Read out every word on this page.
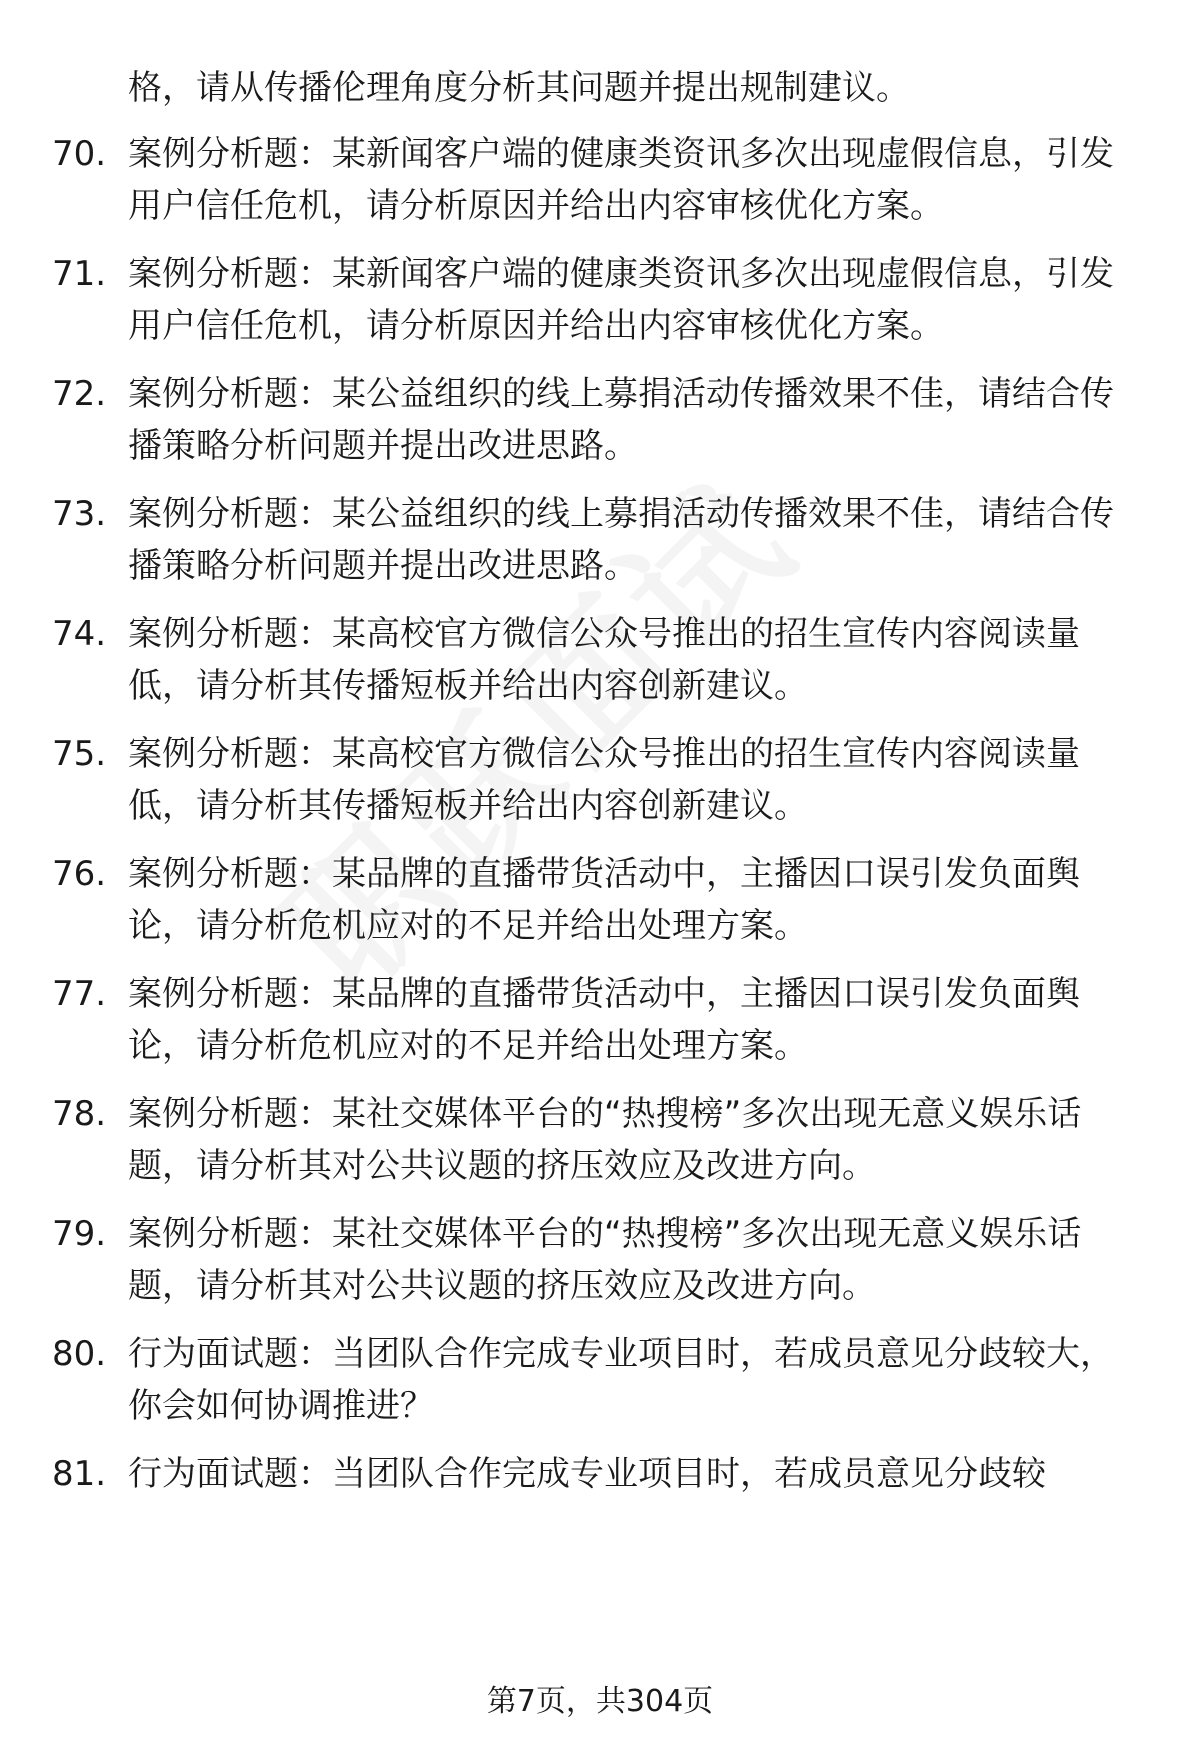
格，请从传播伦理角度分析其问题并提出规制建议。
70. 案例分析题：某新闻客户端的健康类资讯多次出现虚假信息，引发用户信任危机，请分析原因并给出内容审核优化方案。
71. 案例分析题：某新闻客户端的健康类资讯多次出现虚假信息，引发用户信任危机，请分析原因并给出内容审核优化方案。
72. 案例分析题：某公益组织的线上募捐活动传播效果不佳，请结合传播策略分析问题并提出改进思路。
73. 案例分析题：某公益组织的线上募捐活动传播效果不佳，请结合传播策略分析问题并提出改进思路。
74. 案例分析题：某高校官方微信公众号推出的招生宣传内容阅读量低，请分析其传播短板并给出内容创新建议。
75. 案例分析题：某高校官方微信公众号推出的招生宣传内容阅读量低，请分析其传播短板并给出内容创新建议。
76. 案例分析题：某品牌的直播带货活动中，主播因口误引发负面舆论，请分析危机应对的不足并给出处理方案。
77. 案例分析题：某品牌的直播带货活动中，主播因口误引发负面舆论，请分析危机应对的不足并给出处理方案。
78. 案例分析题：某社交媒体平台的“热搜榜”多次出现无意义娱乐话题，请分析其对公共议题的挤压效应及改进方向。
79. 案例分析题：某社交媒体平台的“热搜榜”多次出现无意义娱乐话题，请分析其对公共议题的挤压效应及改进方向。
80. 行为面试题：当团队合作完成专业项目时，若成员意见分歧较大，你会如何协调推进？
81. 行为面试题：当团队合作完成专业项目时，若成员意见分歧较
第7页，共304页
